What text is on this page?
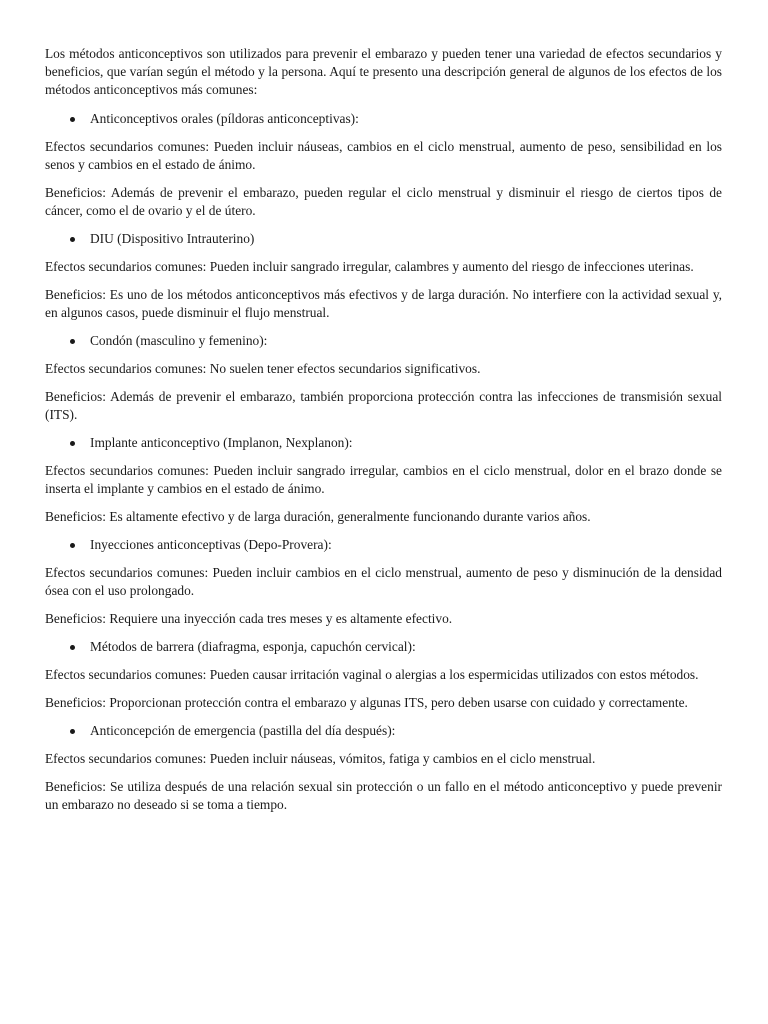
Los métodos anticonceptivos son utilizados para prevenir el embarazo y pueden tener una variedad de efectos secundarios y beneficios, que varían según el método y la persona. Aquí te presento una descripción general de algunos de los efectos de los métodos anticonceptivos más comunes:

Anticonceptivos orales (píldoras anticonceptivas):

Efectos secundarios comunes: Pueden incluir náuseas, cambios en el ciclo menstrual, aumento de peso, sensibilidad en los senos y cambios en el estado de ánimo.

Beneficios: Además de prevenir el embarazo, pueden regular el ciclo menstrual y disminuir el riesgo de ciertos tipos de cáncer, como el de ovario y el de útero.

DIU (Dispositivo Intrauterino)

Efectos secundarios comunes: Pueden incluir sangrado irregular, calambres y aumento del riesgo de infecciones uterinas.

Beneficios: Es uno de los métodos anticonceptivos más efectivos y de larga duración. No interfiere con la actividad sexual y, en algunos casos, puede disminuir el flujo menstrual.

Condón (masculino y femenino):

Efectos secundarios comunes: No suelen tener efectos secundarios significativos.

Beneficios: Además de prevenir el embarazo, también proporciona protección contra las infecciones de transmisión sexual (ITS).

Implante anticonceptivo (Implanon, Nexplanon):

Efectos secundarios comunes: Pueden incluir sangrado irregular, cambios en el ciclo menstrual, dolor en el brazo donde se inserta el implante y cambios en el estado de ánimo.

Beneficios: Es altamente efectivo y de larga duración, generalmente funcionando durante varios años.

Inyecciones anticonceptivas (Depo-Provera):

Efectos secundarios comunes: Pueden incluir cambios en el ciclo menstrual, aumento de peso y disminución de la densidad ósea con el uso prolongado.

Beneficios: Requiere una inyección cada tres meses y es altamente efectivo.

Métodos de barrera (diafragma, esponja, capuchón cervical):

Efectos secundarios comunes: Pueden causar irritación vaginal o alergias a los espermicidas utilizados con estos métodos.

Beneficios: Proporcionan protección contra el embarazo y algunas ITS, pero deben usarse con cuidado y correctamente.

Anticoncepción de emergencia (pastilla del día después):

Efectos secundarios comunes: Pueden incluir náuseas, vómitos, fatiga y cambios en el ciclo menstrual.

Beneficios: Se utiliza después de una relación sexual sin protección o un fallo en el método anticonceptivo y puede prevenir un embarazo no deseado si se toma a tiempo.
